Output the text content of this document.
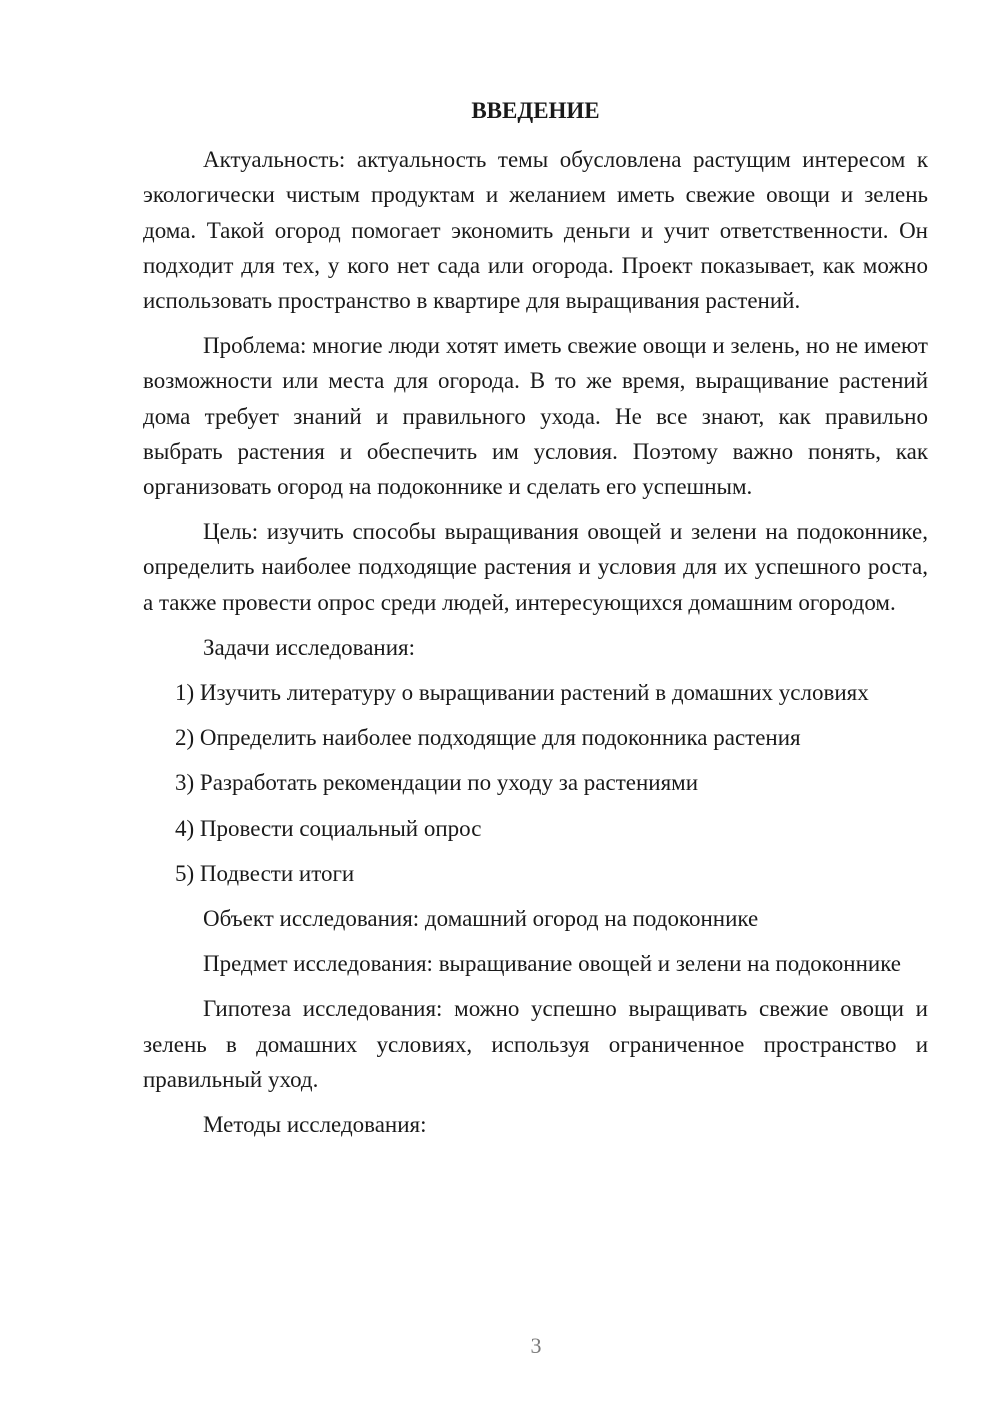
ВВЕДЕНИЕ

Актуальность: актуальность темы обусловлена растущим интересом к экологически чистым продуктам и желанием иметь свежие овощи и зелень дома. Такой огород помогает экономить деньги и учит ответственности. Он подходит для тех, у кого нет сада или огорода. Проект показывает, как можно использовать пространство в квартире для выращивания растений.

Проблема: многие люди хотят иметь свежие овощи и зелень, но не имеют возможности или места для огорода. В то же время, выращивание растений дома требует знаний и правильного ухода. Не все знают, как правильно выбрать растения и обеспечить им условия. Поэтому важно понять, как организовать огород на подоконнике и сделать его успешным.

Цель: изучить способы выращивания овощей и зелени на подоконнике, определить наиболее подходящие растения и условия для их успешного роста, а также провести опрос среди людей, интересующихся домашним огородом.

Задачи исследования:

1) Изучить литературу о выращивании растений в домашних условиях
2) Определить наиболее подходящие для подоконника растения
3) Разработать рекомендации по уходу за растениями
4) Провести социальный опрос
5) Подвести итоги

Объект исследования: домашний огород на подоконнике

Предмет исследования: выращивание овощей и зелени на подоконнике

Гипотеза исследования: можно успешно выращивать свежие овощи и зелень в домашних условиях, используя ограниченное пространство и правильный уход.

Методы исследования:

3
